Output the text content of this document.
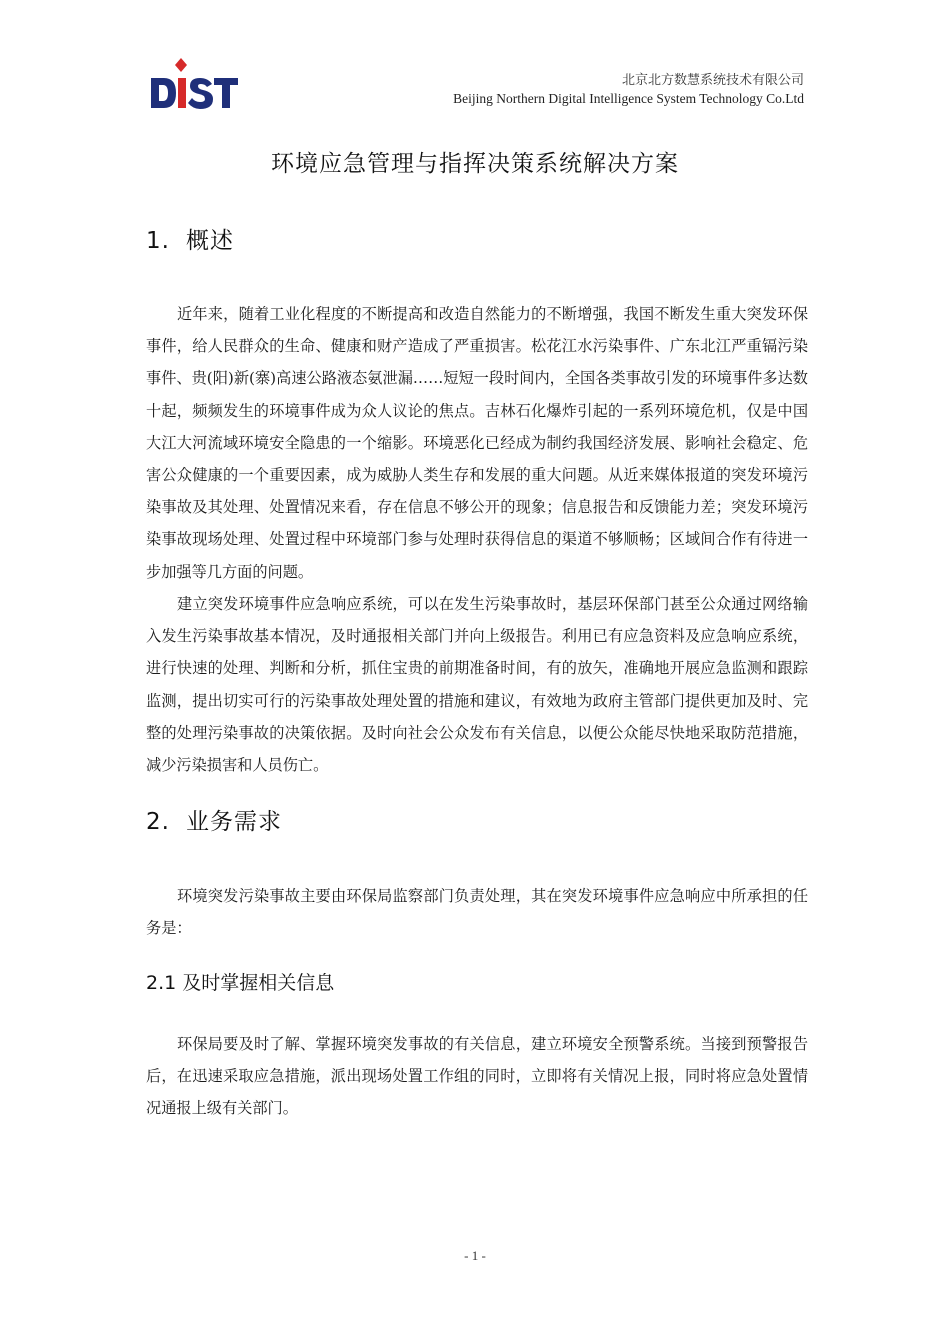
北京北方数慧系统技术有限公司
Beijing Northern Digital Intelligence System Technology Co.Ltd
环境应急管理与指挥决策系统解决方案
1. 概述

近年来，随着工业化程度的不断提高和改造自然能力的不断增强，我国不断发生重大突发环保事件，给人民群众的生命、健康和财产造成了严重损害。松花江水污染事件、广东北江严重镉污染事件、贵(阳)新(寨)高速公路液态氨泄漏……短短一段时间内，全国各类事故引发的环境事件多达数十起，频频发生的环境事件成为众人议论的焦点。吉林石化爆炸引起的一系列环境危机，仅是中国大江大河流域环境安全隐患的一个缩影。环境恶化已经成为制约我国经济发展、影响社会稳定、危害公众健康的一个重要因素，成为威胁人类生存和发展的重大问题。从近来媒体报道的突发环境污染事故及其处理、处置情况来看，存在信息不够公开的现象；信息报告和反馈能力差；突发环境污染事故现场处理、处置过程中环境部门参与处理时获得信息的渠道不够顺畅；区域间合作有待进一步加强等几方面的问题。

建立突发环境事件应急响应系统，可以在发生污染事故时，基层环保部门甚至公众通过网络输入发生污染事故基本情况，及时通报相关部门并向上级报告。利用已有应急资料及应急响应系统，进行快速的处理、判断和分析，抓住宝贵的前期准备时间，有的放矢，准确地开展应急监测和跟踪监测，提出切实可行的污染事故处理处置的措施和建议，有效地为政府主管部门提供更加及时、完整的处理污染事故的决策依据。及时向社会公众发布有关信息，以便公众能尽快地采取防范措施，减少污染损害和人员伤亡。

2. 业务需求

环境突发污染事故主要由环保局监察部门负责处理，其在突发环境事件应急响应中所承担的任务是：

2.1 及时掌握相关信息

环保局要及时了解、掌握环境突发事故的有关信息，建立环境安全预警系统。当接到预警报告后，在迅速采取应急措施，派出现场处置工作组的同时，立即将有关情况上报，同时将应急处置情况通报上级有关部门。

- 1 -
